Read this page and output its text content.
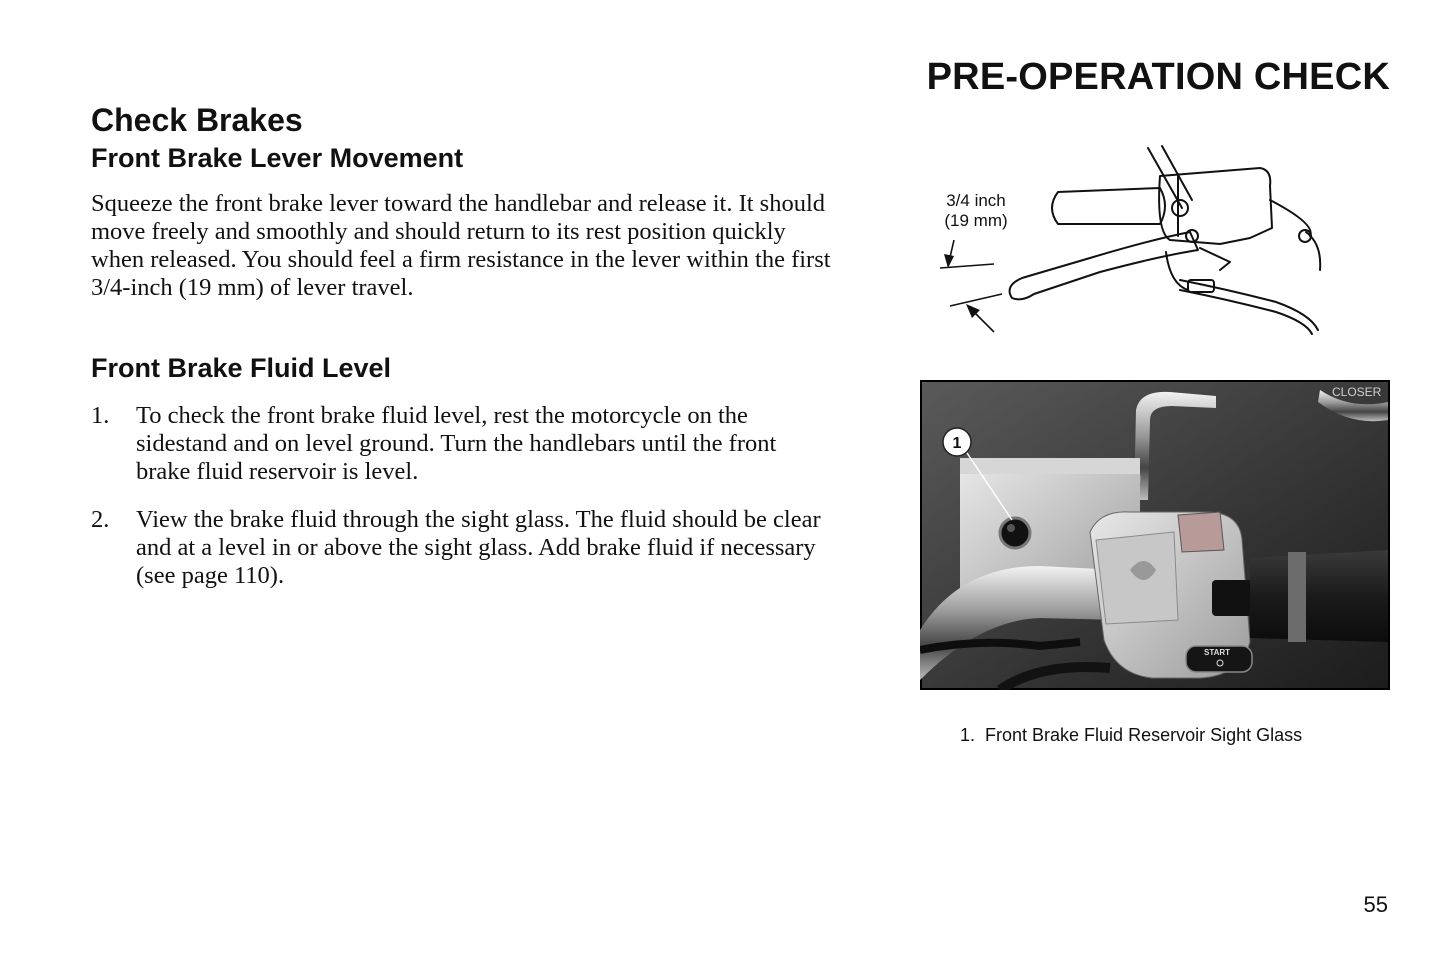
PRE-OPERATION CHECK
Check Brakes
Front Brake Lever Movement

Squeeze the front brake lever toward the handlebar and release it. It should move freely and smoothly and should return to its rest position quickly when released. You should feel a firm resistance in the lever within the first 3/4-inch (19 mm) of lever travel.

Front Brake Fluid Level
1.	To check the front brake fluid level, rest the motorcycle on the sidestand and on level ground. Turn the handlebars until the front brake fluid reservoir is level.
2.	View the brake fluid through the sight glass. The fluid should be clear and at a level in or above the sight glass. Add brake fluid if necessary (see page 110).
3/4 inch
(19 mm)
START
CLOSER
1
1. Front Brake Fluid Reservoir Sight Glass
55
